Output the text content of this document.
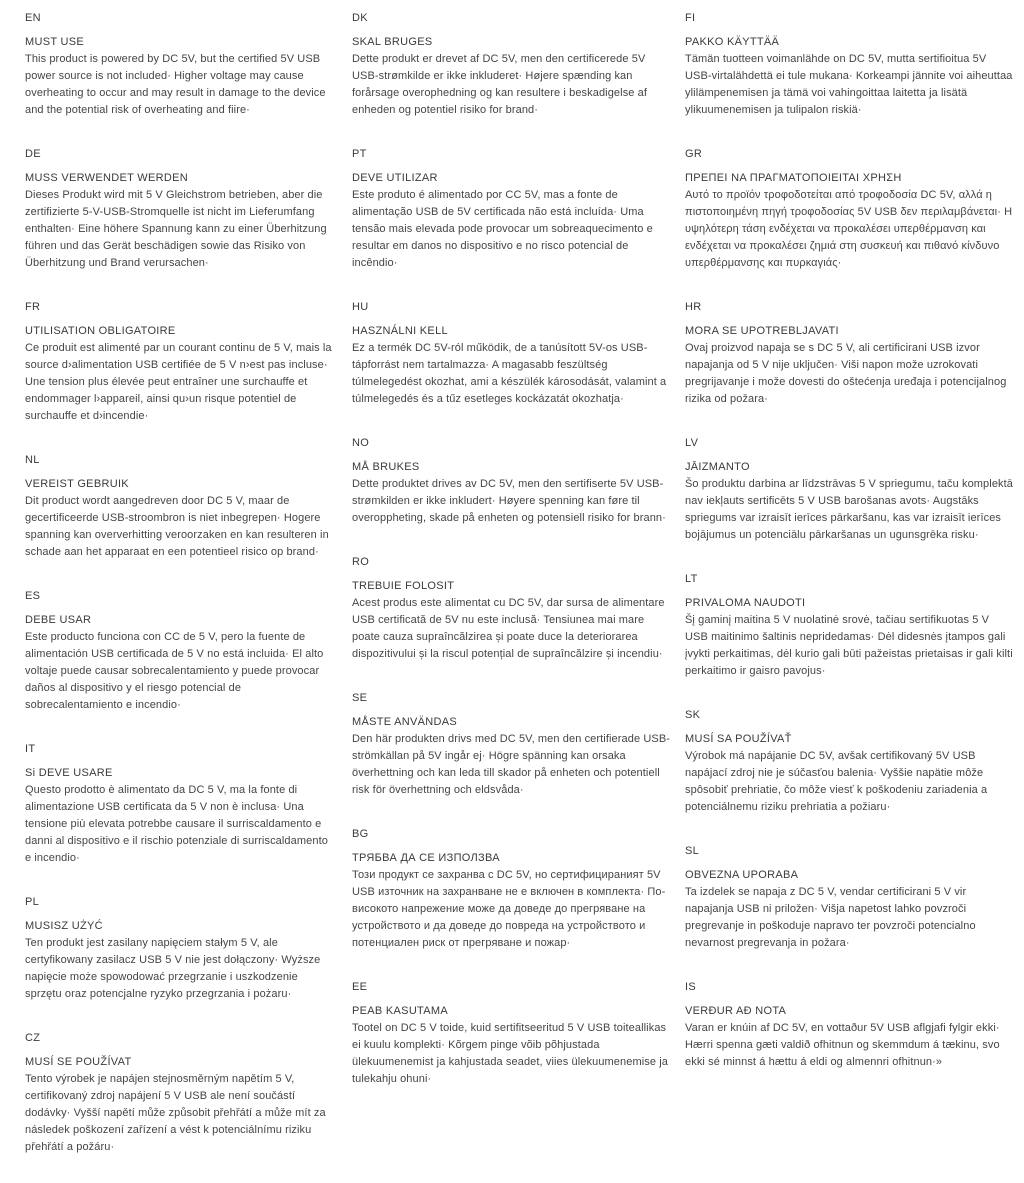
EN
MUST USE

This product is powered by DC 5V, but the certified 5V USB power source is not included· Higher voltage may cause overheating to occur and may result in damage to the device and the potential risk of overheating and fiire·

DE
MUSS VERWENDET WERDEN

Dieses Produkt wird mit 5 V Gleichstrom betrieben, aber die zertifizierte 5-V-USB-Stromquelle ist nicht im Lieferumfang enthalten· Eine höhere Spannung kann zu einer Überhitzung führen und das Gerät beschädigen sowie das Risiko von Überhitzung und Brand verursachen·

FR
UTILISATION OBLIGATOIRE

Ce produit est alimenté par un courant continu de 5 V, mais la source d›alimentation USB certifiée de 5 V n›est pas incluse· Une tension plus élevée peut entraîner une surchauffe et endommager l›appareil, ainsi qu›un risque potentiel de surchauffe et d›incendie·

NL
VEREIST GEBRUIK

Dit product wordt aangedreven door DC 5 V, maar de gecertificeerde USB-stroombron is niet inbegrepen· Hogere spanning kan oververhitting veroorzaken en kan resulteren in schade aan het apparaat en een potentieel risico op brand·

ES
DEBE USAR

Este producto funciona con CC de 5 V, pero la fuente de alimentación USB certificada de 5 V no está incluida· El alto voltaje puede causar sobrecalentamiento y puede provocar daños al dispositivo y el riesgo potencial de sobrecalentamiento e incendio·

IT
Si DEVE USARE

Questo prodotto è alimentato da DC 5 V, ma la fonte di alimentazione USB certificata da 5 V non è inclusa· Una tensione più elevata potrebbe causare il surriscaldamento e danni al dispositivo e il rischio potenziale di surriscaldamento e incendio·

PL
MUSISZ UŻYĆ

Ten produkt jest zasilany napięciem stałym 5 V, ale certyfikowany zasilacz USB 5 V nie jest dołączony· Wyższe napięcie może spowodować przegrzanie i uszkodzenie sprzętu oraz potencjalne ryzyko przegrzania i pożaru·

CZ
MUSÍ SE POUŽÍVAT

Tento výrobek je napájen stejnosměrným napětím 5 V, certifikovaný zdroj napájení 5 V USB ale není součástí dodávky· Vyšší napětí může způsobit přehřátí a může mít za následek poškození zařízení a vést k potenciálnímu riziku přehřátí a požáru·

DK
SKAL BRUGES

Dette produkt er drevet af DC 5V, men den certificerede 5V USB-strømkilde er ikke inkluderet· Højere spænding kan forårsage overophedning og kan resultere i beskadigelse af enheden og potentiel risiko for brand·

PT
DEVE UTILIZAR

Este produto é alimentado por CC 5V, mas a fonte de alimentação USB de 5V certificada não está incluída· Uma tensão mais elevada pode provocar um sobreaquecimento e resultar em danos no dispositivo e no risco potencial de incêndio·

HU
HASZNÁLNI KELL

Ez a termék DC 5V-ról működik, de a tanúsított 5V-os USB-tápforrást nem tartalmazza· A magasabb feszültség túlmelegedést okozhat, ami a készülék károsodását, valamint a túlmelegedés és a tűz esetleges kockázatát okozhatja·

NO
MÅ BRUKES

Dette produktet drives av DC 5V, men den sertifiserte 5V USB-strømkilden er ikke inkludert· Høyere spenning kan føre til overoppheting, skade på enheten og potensiell risiko for brann·

RO
TREBUIE FOLOSIT

Acest produs este alimentat cu DC 5V, dar sursa de alimentare USB certificată de 5V nu este inclusă· Tensiunea mai mare poate cauza supraîncălzirea și poate duce la deteriorarea dispozitivului și la riscul potențial de supraîncălzire și incendiu·

SE
MÅSTE ANVÄNDAS

Den här produkten drivs med DC 5V, men den certifierade USB-strömkällan på 5V ingår ej· Högre spänning kan orsaka överhettning och kan leda till skador på enheten och potentiell risk för överhettning och eldsvåda·

BG
ТРЯБВА ДА СЕ ИЗПОЛЗВА

Този продукт се захранва с DC 5V, но сертифицираният 5V USB източник на захранване не е включен в комплекта· По-високото напрежение може да доведе до прегряване на устройството и да доведе до повреда на устройството и потенциален риск от прегряване и пожар·

EE
PEAB KASUTAMA

Tootel on DC 5 V toide, kuid sertifitseeritud 5 V USB toiteallikas ei kuulu komplekti· Kõrgem pinge võib põhjustada ülekuumenemist ja kahjustada seadet, viies ülekuumenemise ja tulekahju ohuni·

FI
PAKKO KÄYTTÄÄ

Tämän tuotteen voimanlähde on DC 5V, mutta sertifioitua 5V USB-virtalähdettä ei tule mukana· Korkeampi jännite voi aiheuttaa ylilämpenemisen ja tämä voi vahingoittaa laitetta ja lisätä ylikuumenemisen ja tulipalon riskiä·

GR
ΠΡΕΠΕΙ ΝΑ ΠΡΑΓΜΑΤΟΠΟΙΕΙΤΑΙ ΧΡΗΣΗ

Αυτό το προϊόν τροφοδοτείται από τροφοδοσία DC 5V, αλλά η πιστοποιημένη πηγή τροφοδοσίας 5V USB δεν περιλαμβάνεται· Η υψηλότερη τάση ενδέχεται να προκαλέσει υπερθέρμανση και ενδέχεται να προκαλέσει ζημιά στη συσκευή και πιθανό κίνδυνο υπερθέρμανσης και πυρκαγιάς·

HR
MORA SE UPOTREBLJAVATI

Ovaj proizvod napaja se s DC 5 V, ali certificirani USB izvor napajanja od 5 V nije uključen· Viši napon može uzrokovati pregrijavanje i može dovesti do oštećenja uređaja i potencijalnog rizika od požara·

LV
JĀIZMANTO

Šo produktu darbina ar līdzstrāvas 5 V spriegumu, taču komplektā nav iekļauts sertificēts 5 V USB barošanas avots· Augstāks spriegums var izraisīt ierīces pārkaršanu, kas var izraisīt ierīces bojājumus un potenciālu pārkaršanas un ugunsgrēka risku·

LT
PRIVALOMA NAUDOTI

Šį gaminį maitina 5 V nuolatinė srovė, tačiau sertifikuotas 5 V USB maitinimo šaltinis nepridedamas· Dėl didesnės įtampos gali įvykti perkaitimas, dėl kurio gali būti pažeistas prietaisas ir gali kilti perkaitimo ir gaisro pavojus·

SK
MUSÍ SA POUŽÍVAŤ

Výrobok má napájanie DC 5V, avšak certifikovaný 5V USB napájací zdroj nie je súčasťou balenia· Vyššie napätie môže spôsobiť prehriatie, čo môže viesť k poškodeniu zariadenia a potenciálnemu riziku prehriatia a požiaru·

SL
OBVEZNA UPORABA

Ta izdelek se napaja z DC 5 V, vendar certificirani 5 V vir napajanja USB ni priložen· Višja napetost lahko povzroči pregrevanje in poškoduje napravo ter povzroči potencialno nevarnost pregrevanja in požara·

IS
VERÐUR AÐ NOTA

Varan er knúin af DC 5V, en vottaður 5V USB aflgjafi fylgir ekki· Hærri spenna gæti valdið ofhitnun og skemmdum á tækinu, svo ekki sé minnst á hættu á eldi og almennri ofhitnun·»
